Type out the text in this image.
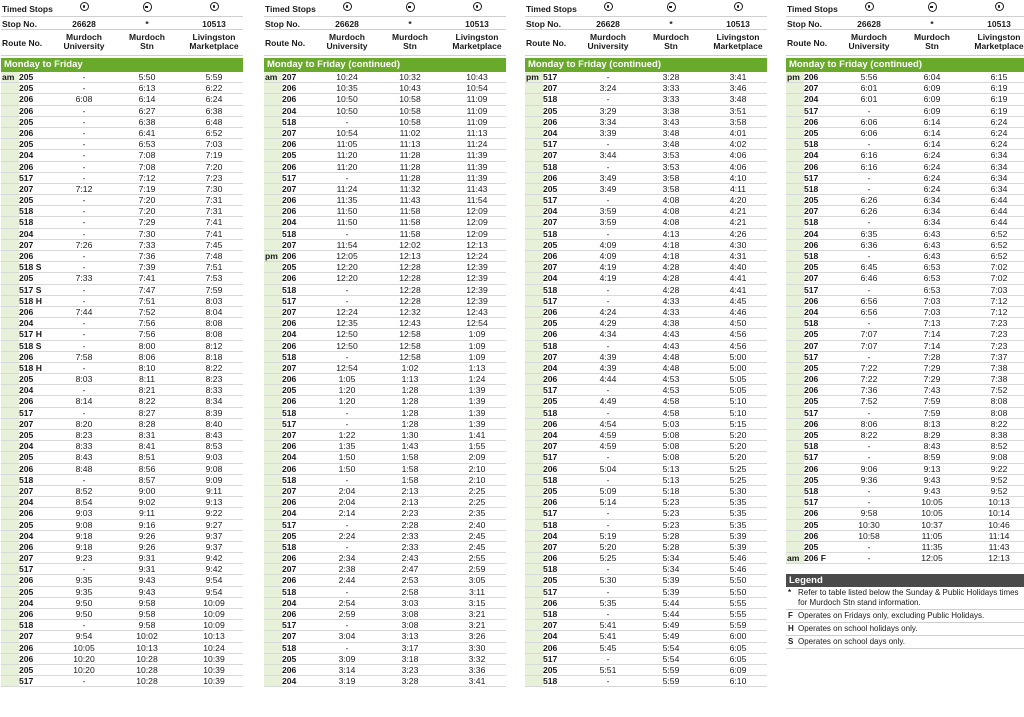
Timed Stops
Stop No.	26628	*	10513
Route No.
Murdoch
University
Murdoch
Stn
Livingston
Marketplace
Monday to Friday
am 205	-	5:50	5:59
205	-	6:13	6:22
206	6:08	6:14	6:24
206	-	6:27	6:38
205	-	6:38	6:48
206	-	6:41	6:52
205	-	6:53	7:03
204	-	7:08	7:19
206	-	7:08	7:20
517	-	7:12	7:23
207	7:12	7:19	7:30
205	-	7:20	7:31
518	-	7:20	7:31
518	-	7:29	7:41
204	-	7:30	7:41
207	7:26	7:33	7:45
206	-	7:36	7:48
518 S	-	7:39	7:51
205	7:33	7:41	7:53
517 S	-	7:47	7:59
518 H	-	7:51	8:03
206	7:44	7:52	8:04
204	-	7:56	8:08
517 H	-	7:56	8:08
518 S	-	8:00	8:12
206	7:58	8:06	8:18
518 H	-	8:10	8:22
205	8:03	8:11	8:23
204	-	8:21	8:33
206	8:14	8:22	8:34
517	-	8:27	8:39
207	8:20	8:28	8:40
205	8:23	8:31	8:43
204	8:33	8:41	8:53
205	8:43	8:51	9:03
206	8:48	8:56	9:08
518	-	8:57	9:09
207	8:52	9:00	9:11
204	8:54	9:02	9:13
206	9:03	9:11	9:22
205	9:08	9:16	9:27
204	9:18	9:26	9:37
206	9:18	9:26	9:37
207	9:23	9:31	9:42
517	-	9:31	9:42
206	9:35	9:43	9:54
205	9:35	9:43	9:54
204	9:50	9:58	10:09
206	9:50	9:58	10:09
518	-	9:58	10:09
207	9:54	10:02	10:13
206	10:05	10:13	10:24
206	10:20	10:28	10:39
205	10:20	10:28	10:39
517	-	10:28	10:39
Timed Stops
Stop No.	26628	*	10513
Route No.
Murdoch
University
Murdoch
Stn
Livingston
Marketplace
Monday to Friday (continued)
am 207	10:24	10:32	10:43
206	10:35	10:43	10:54
206	10:50	10:58	11:09
204	10:50	10:58	11:09
518	-	10:58	11:09
207	10:54	11:02	11:13
206	11:05	11:13	11:24
205	11:20	11:28	11:39
206	11:20	11:28	11:39
517	-	11:28	11:39
207	11:24	11:32	11:43
206	11:35	11:43	11:54
206	11:50	11:58	12:09
204	11:50	11:58	12:09
518	-	11:58	12:09
207	11:54	12:02	12:13
pm 206	12:05	12:13	12:24
205	12:20	12:28	12:39
206	12:20	12:28	12:39
518	-	12:28	12:39
517	-	12:28	12:39
207	12:24	12:32	12:43
206	12:35	12:43	12:54
204	12:50	12:58	1:09
206	12:50	12:58	1:09
518	-	12:58	1:09
207	12:54	1:02	1:13
206	1:05	1:13	1:24
205	1:20	1:28	1:39
206	1:20	1:28	1:39
518	-	1:28	1:39
517	-	1:28	1:39
207	1:22	1:30	1:41
206	1:35	1:43	1:55
204	1:50	1:58	2:09
206	1:50	1:58	2:10
518	-	1:58	2:10
207	2:04	2:13	2:25
206	2:04	2:13	2:25
204	2:14	2:23	2:35
517	-	2:28	2:40
205	2:24	2:33	2:45
518	-	2:33	2:45
206	2:34	2:43	2:55
207	2:38	2:47	2:59
206	2:44	2:53	3:05
518	-	2:58	3:11
204	2:54	3:03	3:15
206	2:59	3:08	3:21
517	-	3:08	3:21
207	3:04	3:13	3:26
518	-	3:17	3:30
205	3:09	3:18	3:32
206	3:14	3:23	3:36
204	3:19	3:28	3:41
Timed Stops
Stop No.	26628	*	10513
Route No.
Murdoch
University
Murdoch
Stn
Livingston
Marketplace
Monday to Friday (continued)
pm 517	-	3:28	3:41
207	3:24	3:33	3:46
518	-	3:33	3:48
205	3:29	3:38	3:51
206	3:34	3:43	3:58
204	3:39	3:48	4:01
517	-	3:48	4:02
207	3:44	3:53	4:06
518	-	3:53	4:06
206	3:49	3:58	4:10
205	3:49	3:58	4:11
517	-	4:08	4:20
204	3:59	4:08	4:21
207	3:59	4:08	4:21
518	-	4:13	4:26
205	4:09	4:18	4:30
206	4:09	4:18	4:31
207	4:19	4:28	4:40
204	4:19	4:28	4:41
518	-	4:28	4:41
517	-	4:33	4:45
206	4:24	4:33	4:46
205	4:29	4:38	4:50
206	4:34	4:43	4:56
518	-	4:43	4:56
207	4:39	4:48	5:00
204	4:39	4:48	5:00
206	4:44	4:53	5:05
517	-	4:53	5:05
205	4:49	4:58	5:10
518	-	4:58	5:10
206	4:54	5:03	5:15
204	4:59	5:08	5:20
207	4:59	5:08	5:20
517	-	5:08	5:20
206	5:04	5:13	5:25
518	-	5:13	5:25
205	5:09	5:18	5:30
206	5:14	5:23	5:35
517	-	5:23	5:35
518	-	5:23	5:35
204	5:19	5:28	5:39
207	5:20	5:28	5:39
206	5:25	5:34	5:46
518	-	5:34	5:46
205	5:30	5:39	5:50
517	-	5:39	5:50
206	5:35	5:44	5:55
518	-	5:44	5:55
207	5:41	5:49	5:59
204	5:41	5:49	6:00
206	5:45	5:54	6:05
517	-	5:54	6:05
205	5:51	5:59	6:09
518	-	5:59	6:10
Timed Stops
Stop No.	26628	*	10513
Route No.
Murdoch
University
Murdoch
Stn
Livingston
Marketplace
Monday to Friday (continued)
pm 206	5:56	6:04	6:15
207	6:01	6:09	6:19
204	6:01	6:09	6:19
517	-	6:09	6:19
206	6:06	6:14	6:24
205	6:06	6:14	6:24
518	-	6:14	6:24
204	6:16	6:24	6:34
206	6:16	6:24	6:34
517	-	6:24	6:34
518	-	6:24	6:34
205	6:26	6:34	6:44
207	6:26	6:34	6:44
518	-	6:34	6:44
204	6:35	6:43	6:52
206	6:36	6:43	6:52
518	-	6:43	6:52
205	6:45	6:53	7:02
207	6:46	6:53	7:02
517	-	6:53	7:03
206	6:56	7:03	7:12
204	6:56	7:03	7:12
518	-	7:13	7:23
205	7:07	7:14	7:23
207	7:07	7:14	7:23
517	-	7:28	7:37
205	7:22	7:29	7:38
206	7:22	7:29	7:38
206	7:36	7:43	7:52
205	7:52	7:59	8:08
517	-	7:59	8:08
206	8:06	8:13	8:22
205	8:22	8:29	8:38
518	-	8:43	8:52
517	-	8:59	9:08
206	9:06	9:13	9:22
205	9:36	9:43	9:52
518	-	9:43	9:52
517	-	10:05	10:13
206	9:58	10:05	10:14
205	10:30	10:37	10:46
206	10:58	11:05	11:14
205	-	11:35	11:43
am 206 F	-	12:05	12:13
Legend
* Refer to table listed below the Sunday & Public Holidays times for Murdoch Stn stand information.
F Operates on Fridays only, excluding Public Holidays.
H Operates on school holidays only.
S Operates on school days only.
